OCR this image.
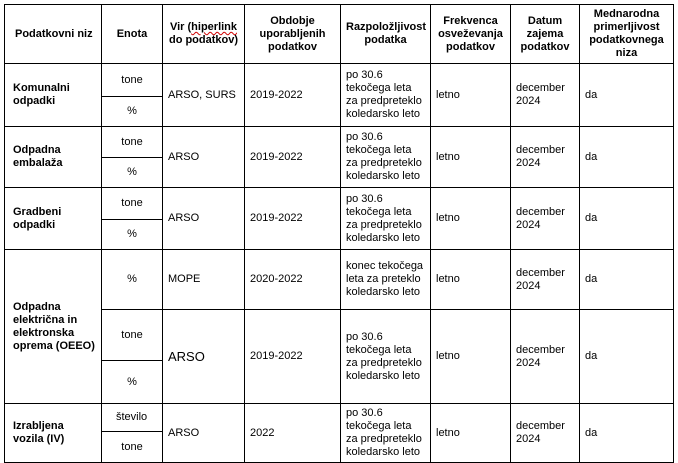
Podatkovni niz	Enota	Vir (hiperlink do podatkov)	Obdobje uporabljenih podatkov	Razpoložljivost podatka	Frekvenca osveževanja podatkov	Datum zajema podatkov	Mednarodna primerljivost podatkovnega niza
Komunalni odpadki	tone	ARSO, SURS	2019-2022	po 30.6 tekočega leta za predpreteklo koledarsko leto	letno	december 2024	da
	%						
Odpadna embalaža	tone	ARSO	2019-2022	po 30.6 tekočega leta za predpreteklo koledarsko leto	letno	december 2024	da
	%						
Gradbeni odpadki	tone	ARSO	2019-2022	po 30.6 tekočega leta za predpreteklo koledarsko leto	letno	december 2024	da
	%						
Odpadna električna in elektronska oprema (OEEO)	%	MOPE	2020-2022	konec tekočega leta za preteklo koledarsko leto	letno	december 2024	da
	tone	ARSO	2019-2022	po 30.6 tekočega leta za predpreteklo koledarsko leto	letno	december 2024	da
	%						
Izrabljena vozila (IV)	število	ARSO	2022	po 30.6 tekočega leta za predpreteklo koledarsko leto	letno	december 2024	da
	tone						
